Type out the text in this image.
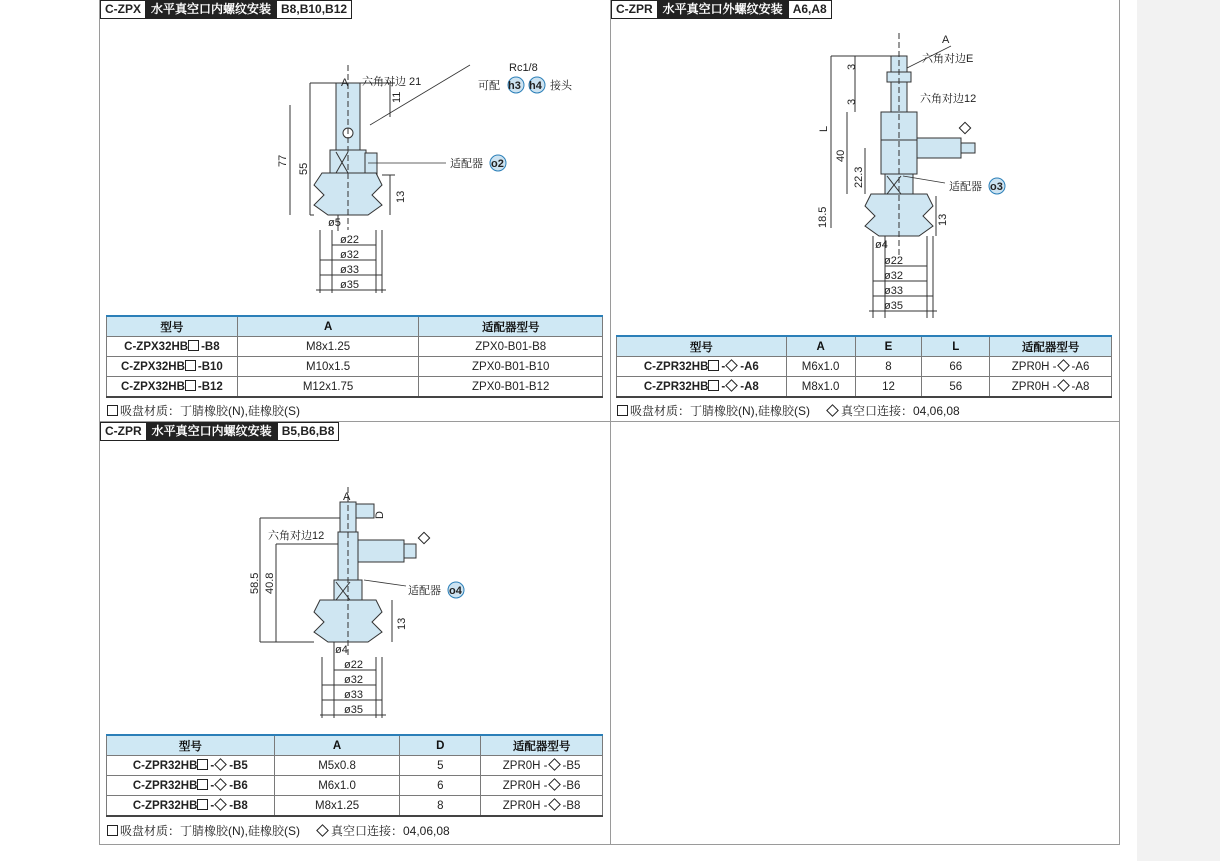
C-ZPX 水平真空口内螺纹安装 B8,B10,B12
六角对边 21
A
Rc1/8
可配 h3 h4 接头
11
77
55
13
适配器 o2
ø5
ø22
ø32
ø33
ø35
型号	A	适配器型号
C-ZPX32HB -B8	M8x1.25	ZPX0-B01-B8
C-ZPX32HB -B10	M10x1.5	ZPX0-B01-B10
C-ZPX32HB -B12	M12x1.75	ZPX0-B01-B12
吸盘材质：丁腈橡胶(N),硅橡胶(S)
C-ZPR 水平真空口外螺纹安装 A6,A8
A
六角对边E
六角对边12
3
3
L
40
22.3
18.5	13
适配器 o3
ø4
ø22
ø32
ø33
ø35
型号	A	E	L	适配器型号
C-ZPR32HB - -A6	M6x1.0	8	66	ZPR0H - -A6
C-ZPR32HB - -A8	M8x1.0	12	56	ZPR0H - -A8
吸盘材质：丁腈橡胶(N),硅橡胶(S)	真空口连接：04,06,08
C-ZPR 水平真空口内螺纹安装 B5,B6,B8
A
D
六角对边12
58.5 40.8
13
适配器 o4
ø4
ø22
ø32
ø33
ø35
型号	A	D	适配器型号
C-ZPR32HB - -B5	M5x0.8	5	ZPR0H - -B5
C-ZPR32HB - -B6	M6x1.0	6	ZPR0H - -B6
C-ZPR32HB - -B8	M8x1.25	8	ZPR0H - -B8
吸盘材质：丁腈橡胶(N),硅橡胶(S)	真空口连接：04,06,08
